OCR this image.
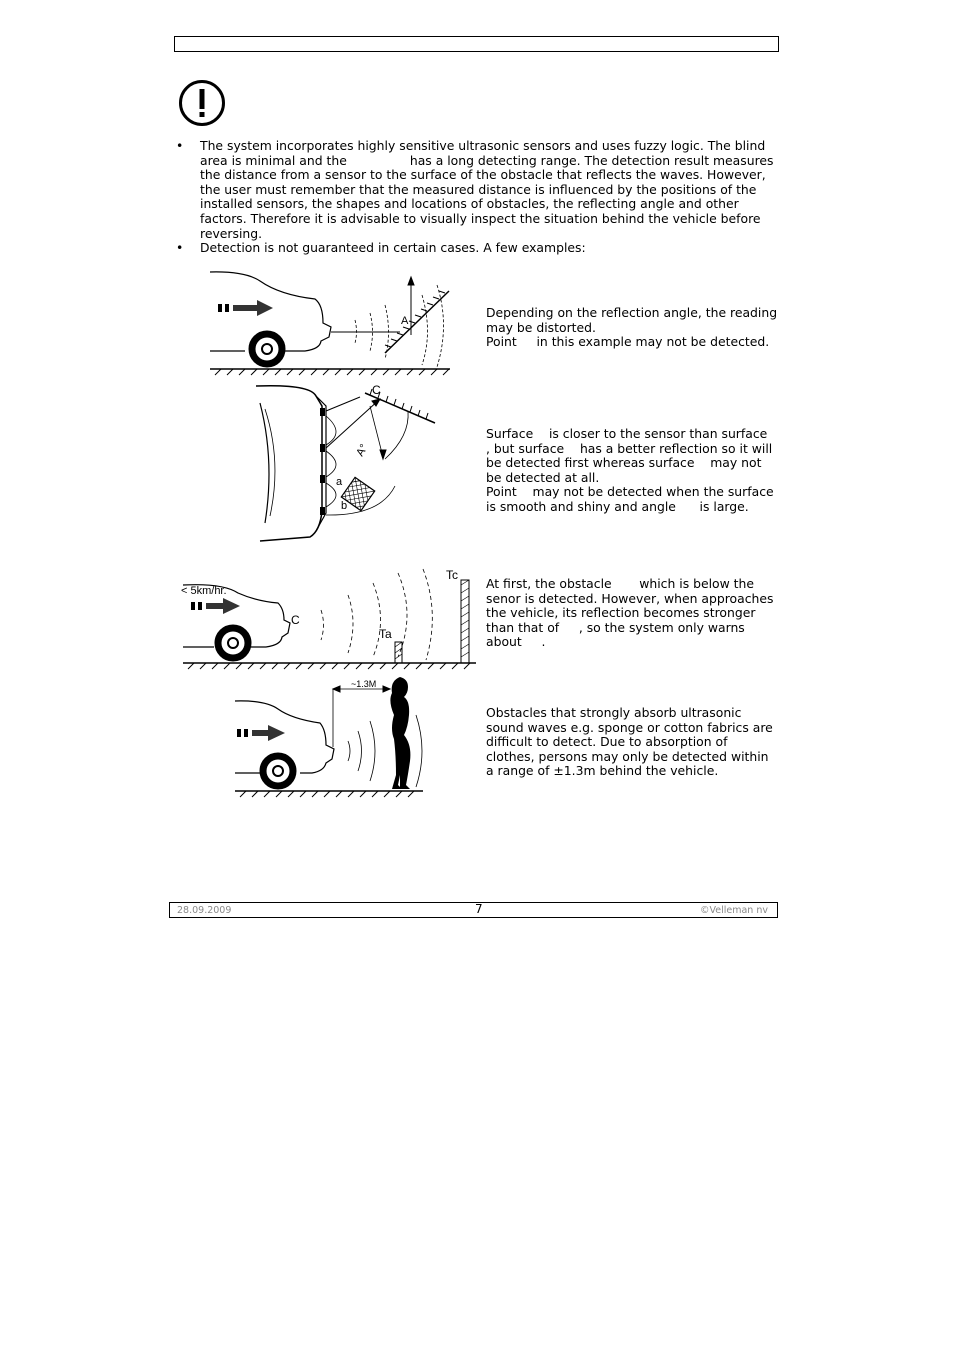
• The system incorporates highly sensitive ultrasonic sensors and uses fuzzy logic. The blind area is minimal and the                has a long detecting range. The detection result measures the distance from a sensor to the surface of the obstacle that reflects the waves. However, the user must remember that the measured distance is influenced by the positions of the installed sensors, the shapes and locations of obstacles, the reflecting angle and other factors. Therefore it is advisable to visually inspect the situation behind the vehicle before reversing.
• Detection is not guaranteed in certain cases. A few examples:
A
C
A°
a
b
< 5km/hr.
C
Tc
Ta
~1.3M

Depending on the reflection angle, the reading may be distorted.

Point     in this example may not be detected.

Surface    is closer to the sensor than surface    , but surface    has a better reflection so it will be detected first whereas surface    may not be detected at all.

Point    may not be detected when the surface is smooth and shiny and angle      is large.

At first, the obstacle       which is below the senor is detected. However, when approaches the vehicle, its reflection becomes stronger than that of     , so the system only warns about     .

Obstacles that strongly absorb ultrasonic sound waves e.g. sponge or cotton fabrics are difficult to detect. Due to absorption of clothes, persons may only be detected within a range of ±1.3m behind the vehicle.

28.09.2009	7	©Velleman nv
